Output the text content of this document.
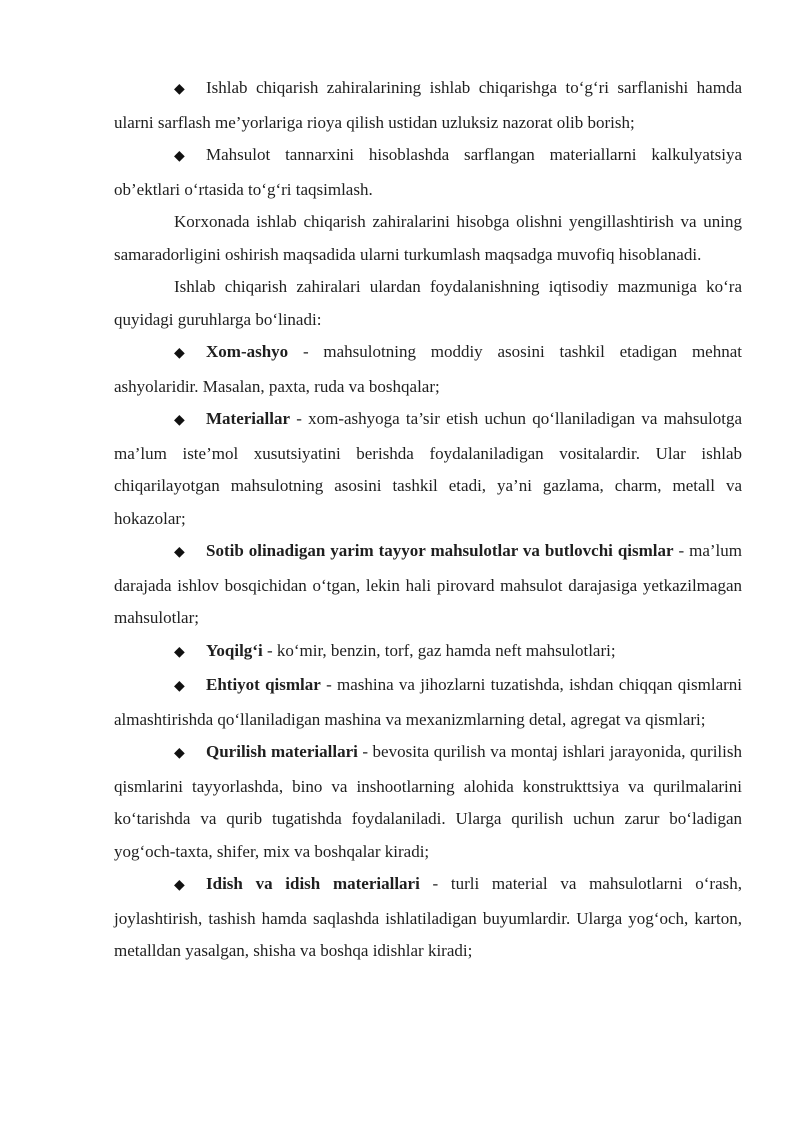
◆ Ishlab chiqarish zahiralarining ishlab chiqarishga to‘g‘ri sarflanishi hamda ularni sarflash me’yorlariga rioya qilish ustidan uzluksiz nazorat olib borish;

◆ Mahsulot tannarxini hisoblashda sarflangan materiallarni kalkulyatsiya ob’ektlari o‘rtasida to‘g‘ri taqsimlash.

Korxonada ishlab chiqarish zahiralarini hisobga olishni yengillashtirish va uning samaradorligini oshirish maqsadida ularni turkumlash maqsadga muvofiq hisoblanadi.

Ishlab chiqarish zahiralari ulardan foydalanishning iqtisodiy mazmuniga ko‘ra quyidagi guruhlarga bo‘linadi:

◆ Xom-ashyo - mahsulotning moddiy asosini tashkil etadigan mehnat ashyolaridir. Masalan, paxta, ruda va boshqalar;

◆ Materiallar - xom-ashyoga ta’sir etish uchun qo‘llaniladigan va mahsulotga ma’lum iste’mol xusutsiyatini berishda foydalaniladigan vositalardir. Ular ishlab chiqarilayotgan mahsulotning asosini tashkil etadi, ya’ni gazlama, charm, metall va hokazolar;

◆ Sotib olinadigan yarim tayyor mahsulotlar va butlovchi qismlar - ma’lum darajada ishlov bosqichidan o‘tgan, lekin hali pirovard mahsulot darajasiga yetkazilmagan mahsulotlar;

◆ Yoqilg‘i - ko‘mir, benzin, torf, gaz hamda neft mahsulotlari;

◆ Ehtiyot qismlar - mashina va jihozlarni tuzatishda, ishdan chiqqan qismlarni almashtirishda qo‘llaniladigan mashina va mexanizmlarning detal, agregat va qismlari;

◆ Qurilish materiallari - bevosita qurilish va montaj ishlari jarayonida, qurilish qismlarini tayyorlashda, bino va inshootlarning alohida konstrukttsiya va qurilmalarini ko‘tarishda va qurib tugatishda foydalaniladi. Ularga qurilish uchun zarur bo‘ladigan yog‘och-taxta, shifer, mix va boshqalar kiradi;

◆ Idish va idish materiallari - turli material va mahsulotlarni o‘rash, joylashtirish, tashish hamda saqlashda ishlatiladigan buyumlardir. Ularga yog‘och, karton, metalldan yasalgan, shisha va boshqa idishlar kiradi;
